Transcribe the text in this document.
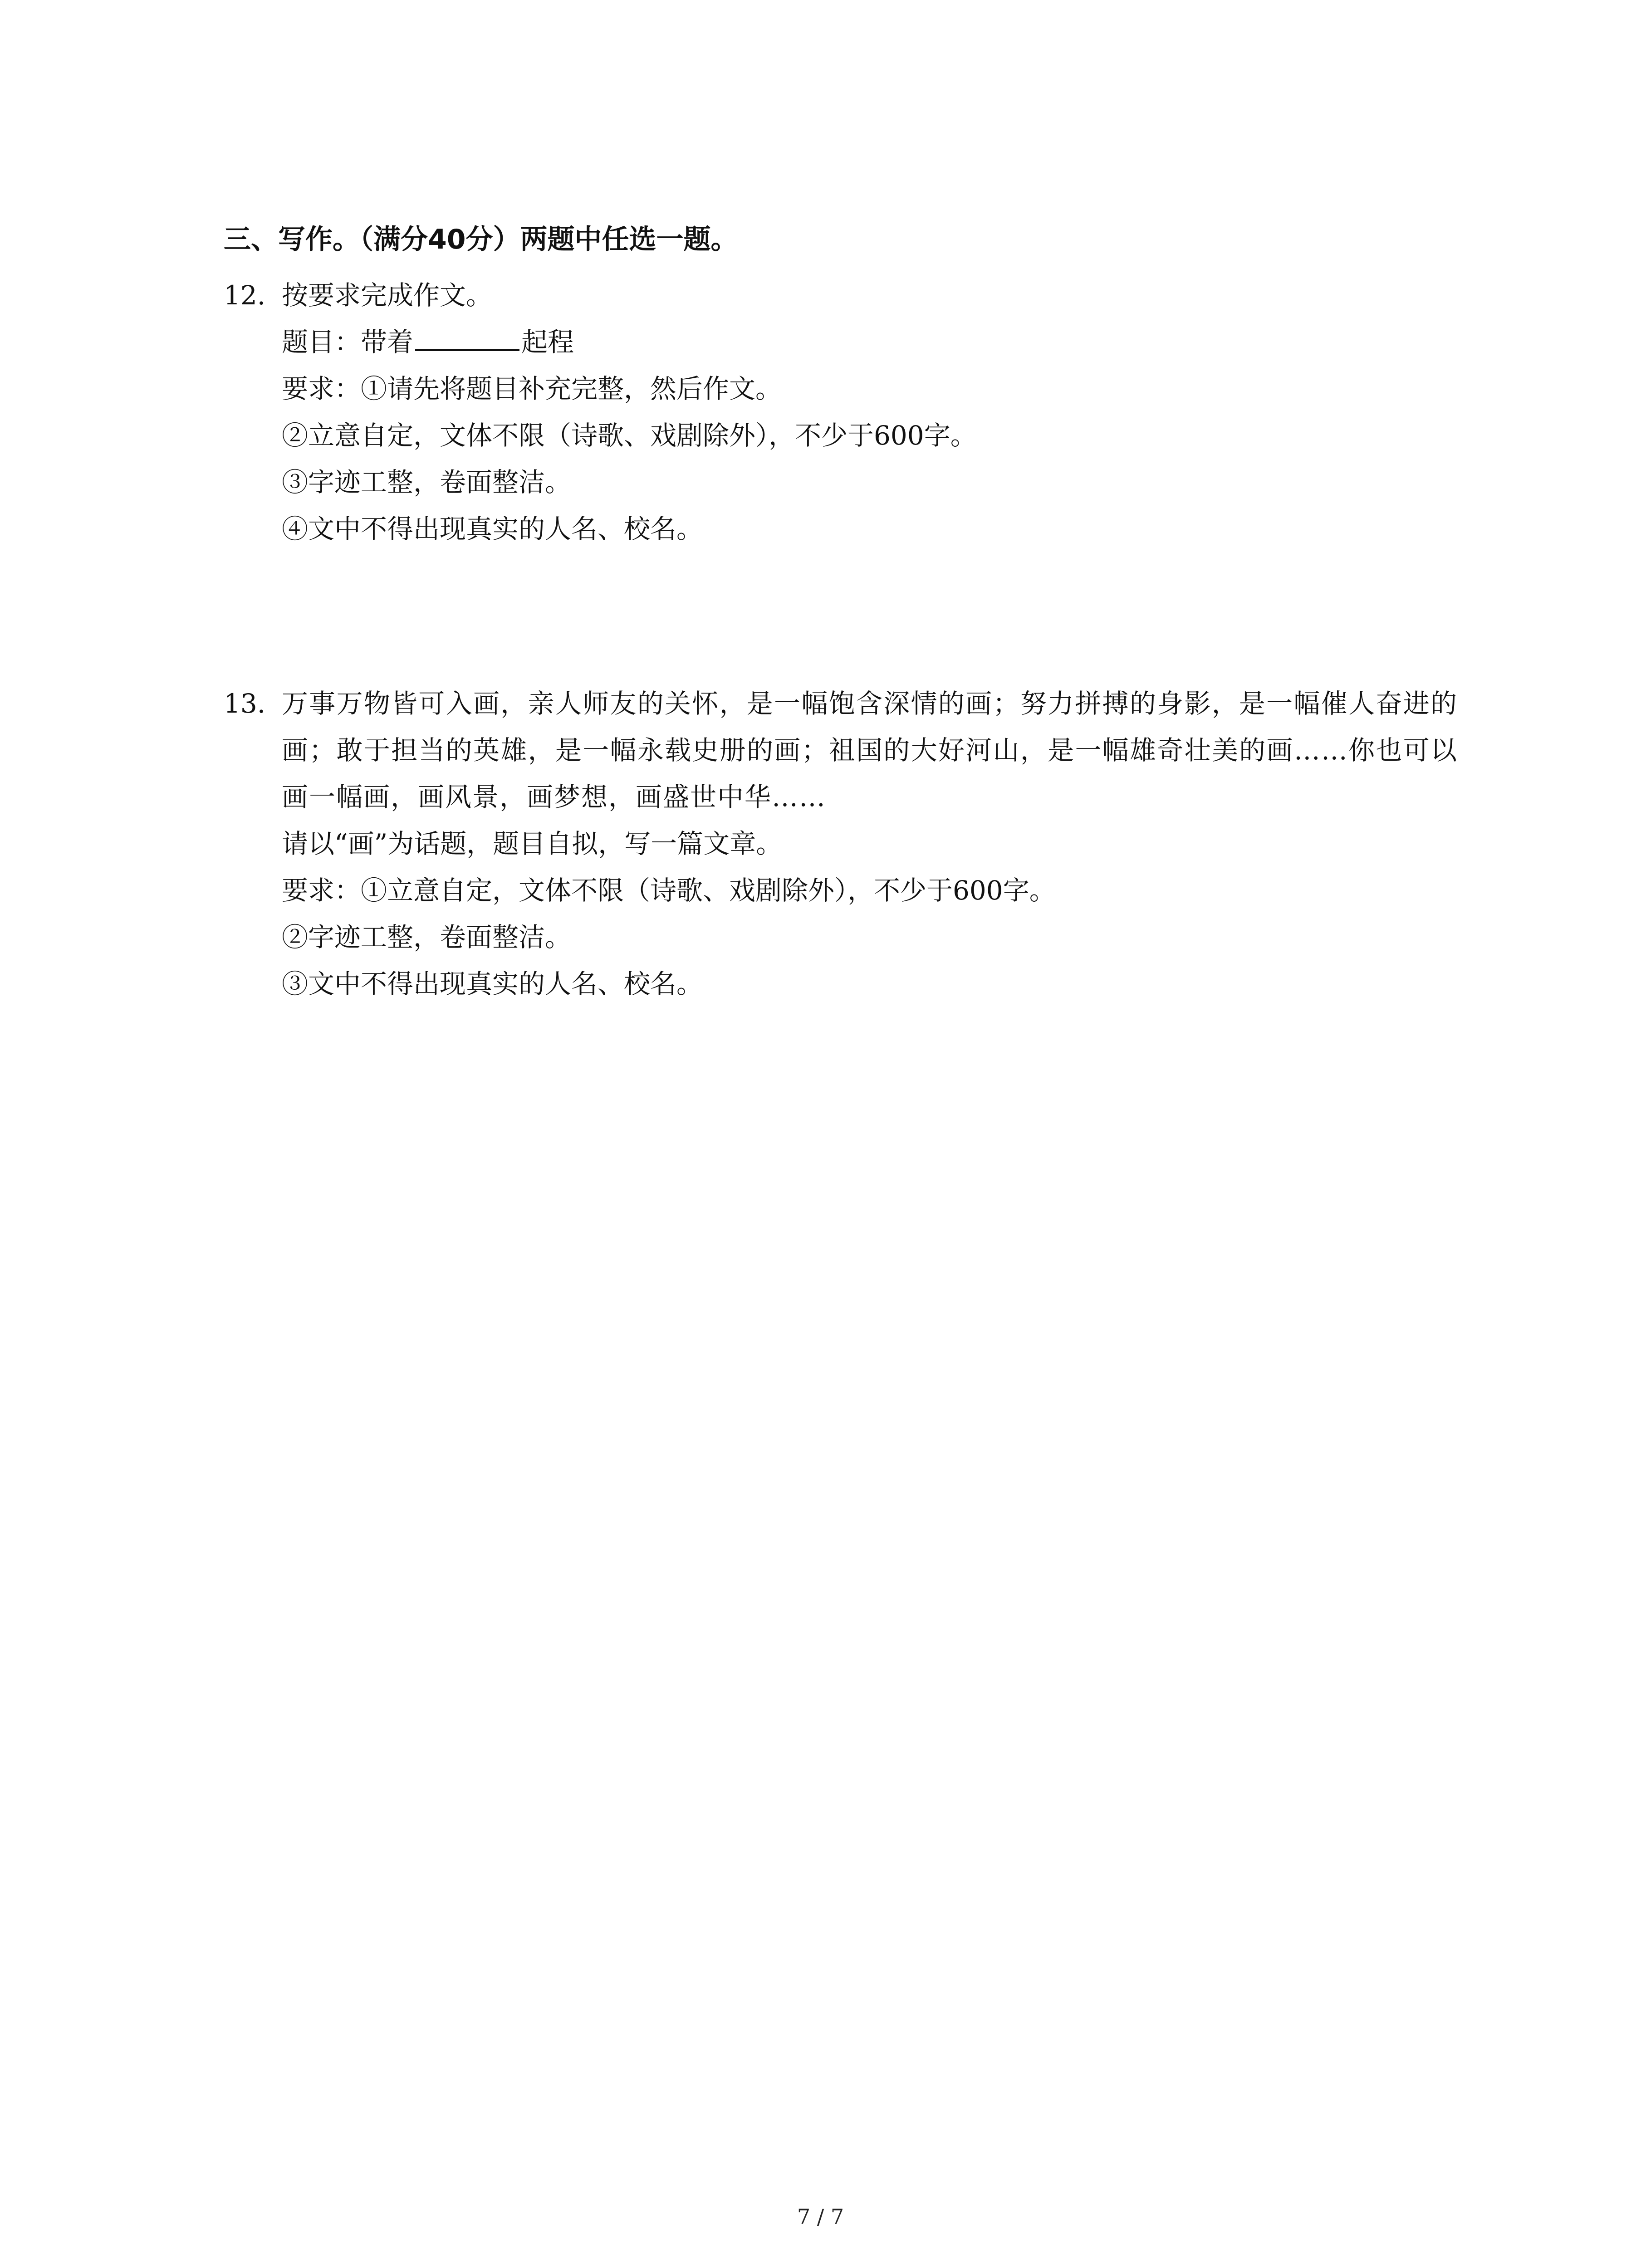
三、写作。（满分40分）两题中任选一题。
12. 按要求完成作文。
题目：带着	起程
要求：①请先将题目补充完整，然后作文。
②立意自定，文体不限（诗歌、戏剧除外），不少于600字。
③字迹工整，卷面整洁。
④文中不得出现真实的人名、校名。
13. 万事万物皆可入画，亲人师友的关怀，是一幅饱含深情的画；努力拼搏的身影，是一幅催人奋进的画；敢于担当的英雄，是一幅永载史册的画；祖国的大好河山，是一幅雄奇壮美的画……你也可以画一幅画，画风景，画梦想，画盛世中华……
请以“画”为话题，题目自拟，写一篇文章。
要求：①立意自定，文体不限（诗歌、戏剧除外），不少于600字。
②字迹工整，卷面整洁。
③文中不得出现真实的人名、校名。
7 / 7
